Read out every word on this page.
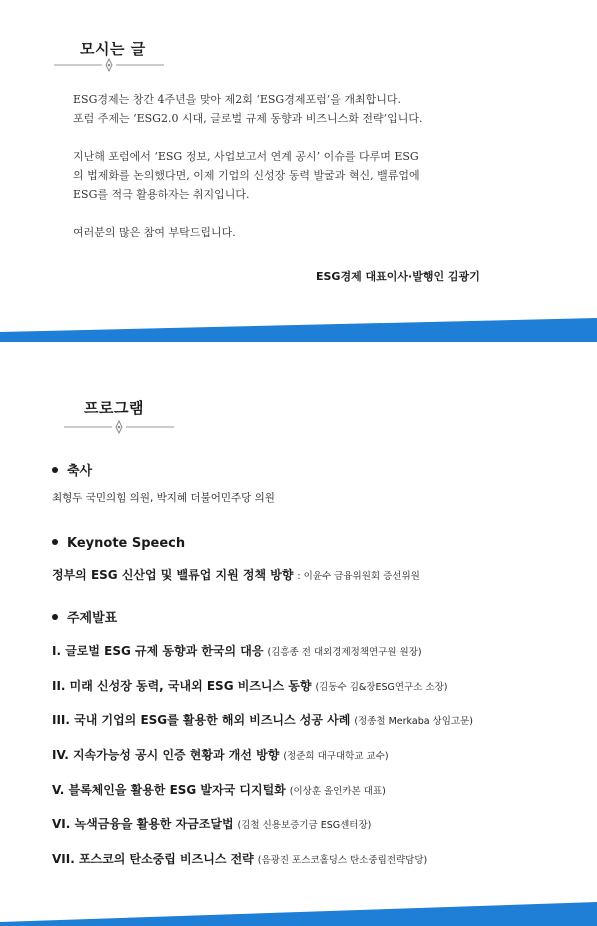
모시는 글
ESG경제는 창간 4주년을 맞아 제2회 ‘ESG경제포럼’을 개최합니다.
포럼 주제는 ‘ESG2.0 시대, 글로벌 규제 동향과 비즈니스화 전략’입니다.
지난해 포럼에서 ‘ESG 정보, 사업보고서 연계 공시’ 이슈를 다루며 ESG
의 법제화를 논의했다면, 이제 기업의 신성장 동력 발굴과 혁신, 밸류업에
ESG를 적극 활용하자는 취지입니다.
여러분의 많은 참여 부탁드립니다.
ESG경제 대표이사·발행인 김광기
프로그램
축사
최형두 국민의힘 의원, 박지혜 더불어민주당 의원
Keynote Speech
정부의 ESG 신산업 및 밸류업 지원 정책 방향 : 이윤수 금융위원회 증선위원
주제발표
I. 글로벌 ESG 규제 동향과 한국의 대응 (김흥종 전 대외경제정책연구원 원장)
II. 미래 신성장 동력, 국내외 ESG 비즈니스 동향 (김동수 김&장ESG연구소 소장)
III. 국내 기업의 ESG를 활용한 해외 비즈니스 성공 사례 (정종철 Merkaba 상임고문)
IV. 지속가능성 공시 인증 현황과 개선 방향 (정준희 대구대학교 교수)
V. 블록체인을 활용한 ESG 발자국 디지털화 (이상훈 올인카본 대표)
VI. 녹색금융을 활용한 자금조달법 (김철 신용보증기금 ESG센터장)
VII. 포스코의 탄소중립 비즈니스 전략 (음광진 포스코홀딩스 탄소중립전략담당)
